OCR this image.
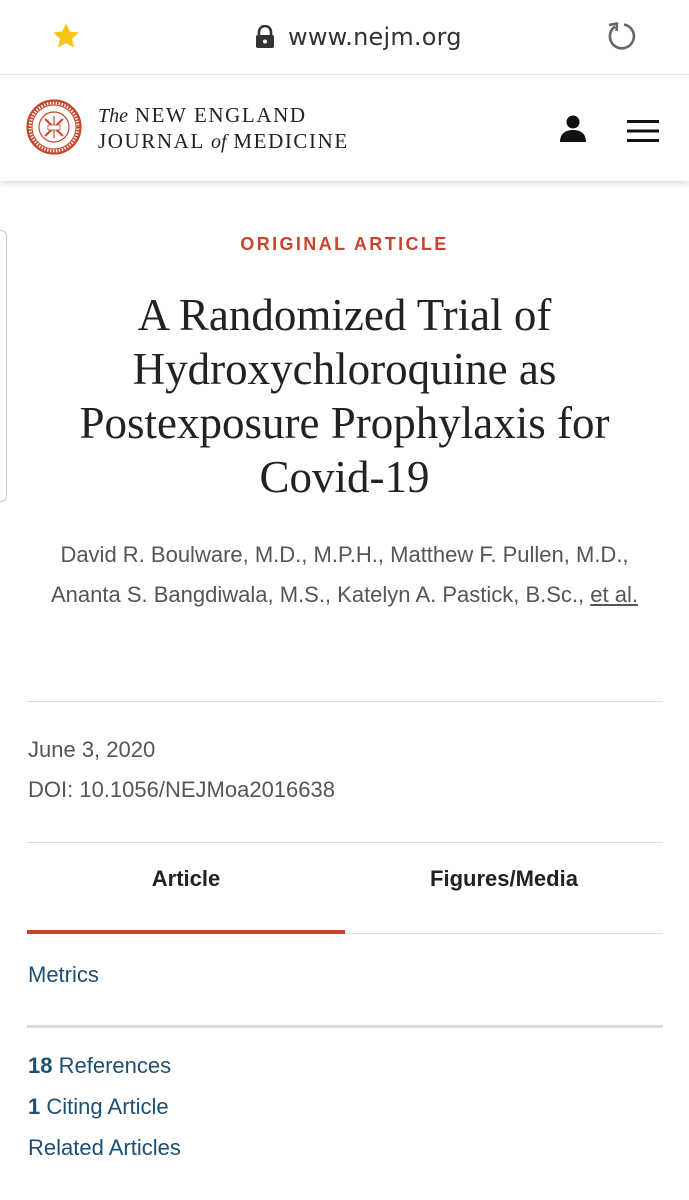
www.nejm.org
The NEW ENGLAND
JOURNAL of MEDICINE
ORIGINAL ARTICLE
A Randomized Trial of Hydroxychloroquine as Postexposure Prophylaxis for Covid-19
David R. Boulware, M.D., M.P.H., Matthew F. Pullen, M.D., Ananta S. Bangdiwala, M.S., Katelyn A. Pastick, B.Sc., et al.
June 3, 2020
DOI: 10.1056/NEJMoa2016638
Article	Figures/Media
Metrics
18 References
1 Citing Article
Related Articles
